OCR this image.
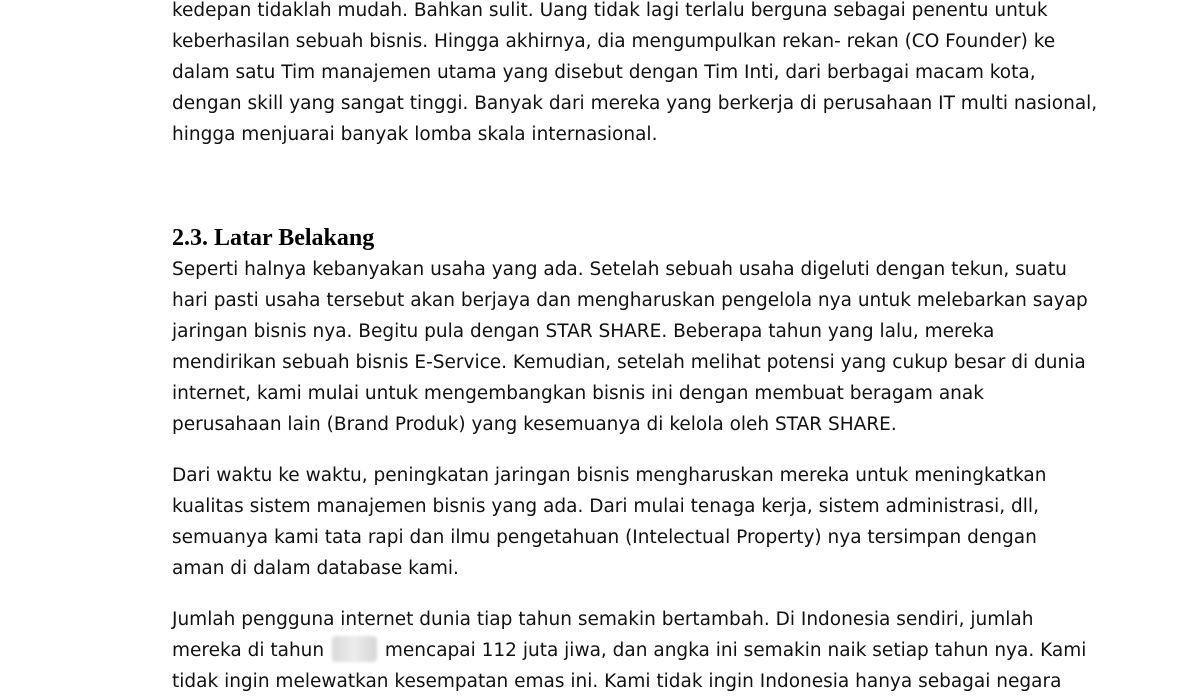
kedepan tidaklah mudah. Bahkan sulit. Uang tidak lagi terlalu berguna sebagai penentu untuk
keberhasilan sebuah bisnis. Hingga akhirnya, dia mengumpulkan rekan- rekan (CO Founder) ke
dalam satu Tim manajemen utama yang disebut dengan Tim Inti, dari berbagai macam kota,
dengan skill yang sangat tinggi. Banyak dari mereka yang berkerja di perusahaan IT multi nasional,
hingga menjuarai banyak lomba skala internasional.
2.3. Latar Belakang
Seperti halnya kebanyakan usaha yang ada. Setelah sebuah usaha digeluti dengan tekun, suatu
hari pasti usaha tersebut akan berjaya dan mengharuskan pengelola nya untuk melebarkan sayap
jaringan bisnis nya. Begitu pula dengan STAR SHARE. Beberapa tahun yang lalu, mereka
mendirikan sebuah bisnis E-Service. Kemudian, setelah melihat potensi yang cukup besar di dunia
internet, kami mulai untuk mengembangkan bisnis ini dengan membuat beragam anak
perusahaan lain (Brand Produk) yang kesemuanya di kelola oleh STAR SHARE.
Dari waktu ke waktu, peningkatan jaringan bisnis mengharuskan mereka untuk meningkatkan
kualitas sistem manajemen bisnis yang ada. Dari mulai tenaga kerja, sistem administrasi, dll,
semuanya kami tata rapi dan ilmu pengetahuan (Intelectual Property) nya tersimpan dengan
aman di dalam database kami.
Jumlah pengguna internet dunia tiap tahun semakin bertambah. Di Indonesia sendiri, jumlah
mereka di tahun	mencapai 112 juta jiwa, dan angka ini semakin naik setiap tahun nya. Kami
tidak ingin melewatkan kesempatan emas ini. Kami tidak ingin Indonesia hanya sebagai negara
